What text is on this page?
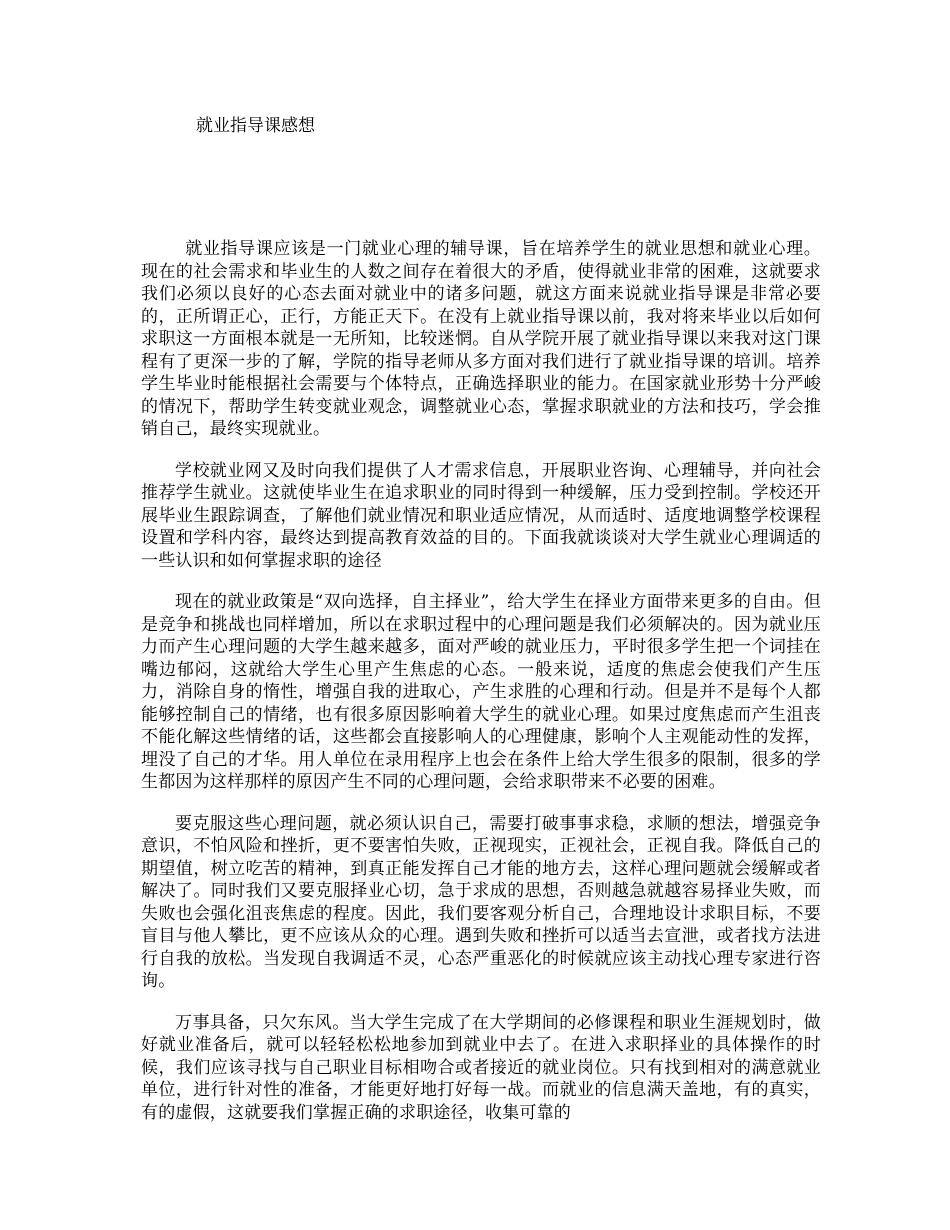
就业指导课感想

就业指导课应该是一门就业心理的辅导课，旨在培养学生的就业思想和就业心理。现在的社会需求和毕业生的人数之间存在着很大的矛盾，使得就业非常的困难，这就要求我们必须以良好的心态去面对就业中的诸多问题，就这方面来说就业指导课是非常必要的，正所谓正心，正行，方能正天下。在没有上就业指导课以前，我对将来毕业以后如何求职这一方面根本就是一无所知，比较迷惘。自从学院开展了就业指导课以来我对这门课程有了更深一步的了解，学院的指导老师从多方面对我们进行了就业指导课的培训。培养学生毕业时能根据社会需要与个体特点，正确选择职业的能力。在国家就业形势十分严峻的情况下，帮助学生转变就业观念，调整就业心态，掌握求职就业的方法和技巧，学会推销自己，最终实现就业。

学校就业网又及时向我们提供了人才需求信息，开展职业咨询、心理辅导，并向社会推荐学生就业。这就使毕业生在追求职业的同时得到一种缓解，压力受到控制。学校还开展毕业生跟踪调查，了解他们就业情况和职业适应情况，从而适时、适度地调整学校课程设置和学科内容，最终达到提高教育效益的目的。下面我就谈谈对大学生就业心理调适的一些认识和如何掌握求职的途径

现在的就业政策是“双向选择，自主择业”，给大学生在择业方面带来更多的自由。但是竞争和挑战也同样增加，所以在求职过程中的心理问题是我们必须解决的。因为就业压力而产生心理问题的大学生越来越多，面对严峻的就业压力，平时很多学生把一个词挂在嘴边郁闷，这就给大学生心里产生焦虑的心态。一般来说，适度的焦虑会使我们产生压力，消除自身的惰性，增强自我的进取心，产生求胜的心理和行动。但是并不是每个人都能够控制自己的情绪，也有很多原因影响着大学生的就业心理。如果过度焦虑而产生沮丧不能化解这些情绪的话，这些都会直接影响人的心理健康，影响个人主观能动性的发挥，埋没了自己的才华。用人单位在录用程序上也会在条件上给大学生很多的限制，很多的学生都因为这样那样的原因产生不同的心理问题，会给求职带来不必要的困难。

要克服这些心理问题，就必须认识自己，需要打破事事求稳，求顺的想法，增强竞争意识，不怕风险和挫折，更不要害怕失败，正视现实，正视社会，正视自我。降低自己的期望值，树立吃苦的精神，到真正能发挥自己才能的地方去，这样心理问题就会缓解或者解决了。同时我们又要克服择业心切，急于求成的思想，否则越急就越容易择业失败，而失败也会强化沮丧焦虑的程度。因此，我们要客观分析自己，合理地设计求职目标，不要盲目与他人攀比，更不应该从众的心理。遇到失败和挫折可以适当去宣泄，或者找方法进行自我的放松。当发现自我调适不灵，心态严重恶化的时候就应该主动找心理专家进行咨询。

万事具备，只欠东风。当大学生完成了在大学期间的必修课程和职业生涯规划时，做好就业准备后，就可以轻轻松松地参加到就业中去了。在进入求职择业的具体操作的时候，我们应该寻找与自己职业目标相吻合或者接近的就业岗位。只有找到相对的满意就业单位，进行针对性的准备，才能更好地打好每一战。而就业的信息满天盖地，有的真实，有的虚假，这就要我们掌握正确的求职途径，收集可靠的
